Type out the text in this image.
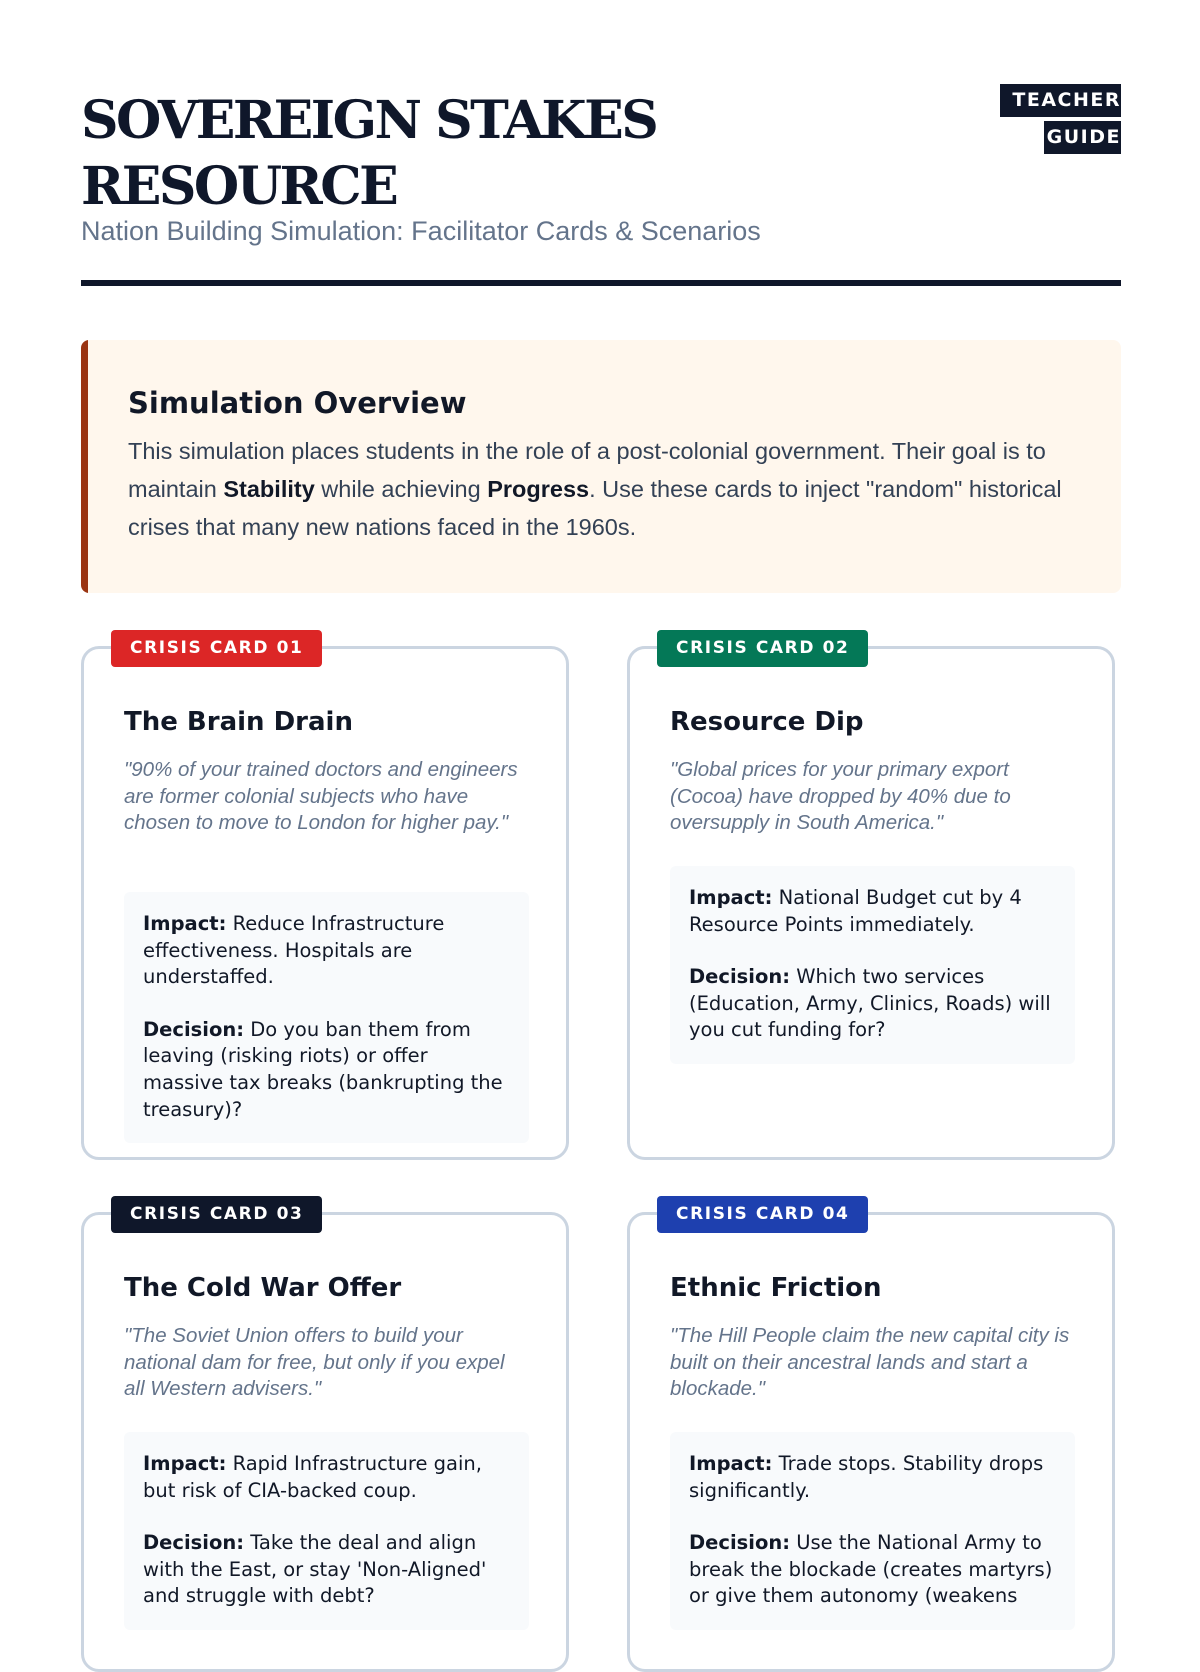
SOVEREIGN STAKES RESOURCE
Nation Building Simulation: Facilitator Cards & Scenarios
TEACHER
GUIDE
Simulation Overview

This simulation places students in the role of a post-colonial government. Their goal is to maintain Stability while achieving Progress. Use these cards to inject "random" historical crises that many new nations faced in the 1960s.

CRISIS CARD 01
The Brain Drain

"90% of your trained doctors and engineers are former colonial subjects who have chosen to move to London for higher pay."

Impact: Reduce Infrastructure effectiveness. Hospitals are understaffed.

Decision: Do you ban them from leaving (risking riots) or offer massive tax breaks (bankrupting the treasury)?

CRISIS CARD 02
Resource Dip

"Global prices for your primary export (Cocoa) have dropped by 40% due to oversupply in South America."

Impact: National Budget cut by 4 Resource Points immediately.

Decision: Which two services (Education, Army, Clinics, Roads) will you cut funding for?

CRISIS CARD 03
The Cold War Offer

"The Soviet Union offers to build your national dam for free, but only if you expel all Western advisers."

Impact: Rapid Infrastructure gain, but risk of CIA-backed coup.

Decision: Take the deal and align with the East, or stay 'Non-Aligned' and struggle with debt?

CRISIS CARD 04
Ethnic Friction

"The Hill People claim the new capital city is built on their ancestral lands and start a blockade."

Impact: Trade stops. Stability drops significantly.

Decision: Use the National Army to break the blockade (creates martyrs) or give them autonomy (weakens
